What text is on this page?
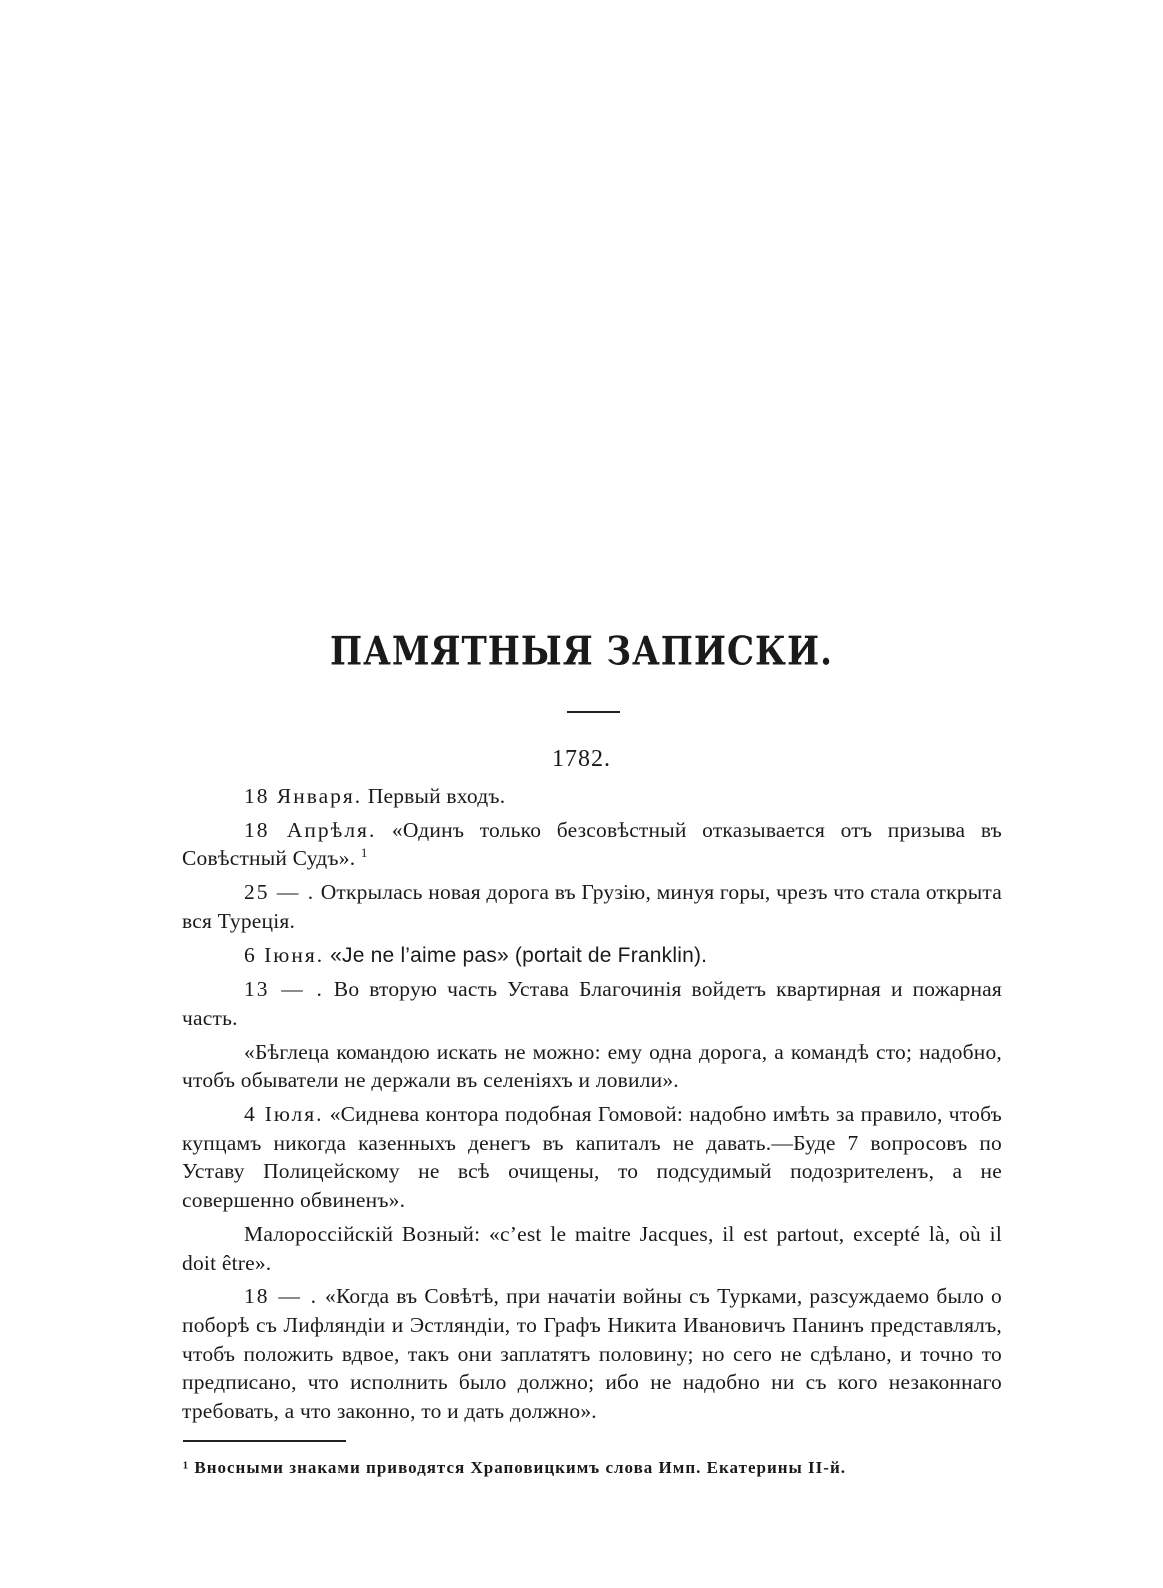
ПАМЯТНЫЯ ЗАПИСКИ.
1782.

18 Января. Первый входъ.

18 Апрѣля. «Одинъ только безсовѣстный отказывается отъ призыва въ Совѣстный Судъ». $^1$

25 — . Открылась новая дорога въ Грузію, минуя горы, чрезъ что стала открыта вся Турецiя.

6 Іюня. «Je ne l’aime pas» (portait de Franklin).

13 — . Во вторую часть Устава Благочинія войдетъ квартирная и пожарная часть.

«Бѣглеца командою искать не можно: ему одна дорога, а командѣ сто; надобно, чтобъ обыватели не держали въ селеніяхъ и ловили».

4 Іюля. «Сиднева контора подобная Гомовой: надобно имѣть за правило, чтобъ купцамъ никогда казенныхъ денегъ въ капиталъ не давать.—Буде 7 вопросовъ по Уставу Полицейскому не всѣ очищены, то подсудимый подозрителенъ, а не совершенно обвиненъ».

Малороссійскій Возный: «c’est le maitre Jacques, il est partout, excepté là, où il doit être».

18 — . «Когда въ Совѣтѣ, при начатіи войны съ Турками, разсуждаемо было о поборѣ съ Лифляндіи и Эстляндіи, то Графъ Никита Ивановичъ Панинъ представлялъ, чтобъ положить вдвое, такъ они заплатятъ половину; но сего не сдѣлано, и точно то предписано, что исполнить было должно; ибо не надобно ни съ кого незаконнаго требовать, а что законно, то и дать должно».

¹ Вносными знаками приводятся Храповицкимъ слова Имп. Екатерины II-й.
